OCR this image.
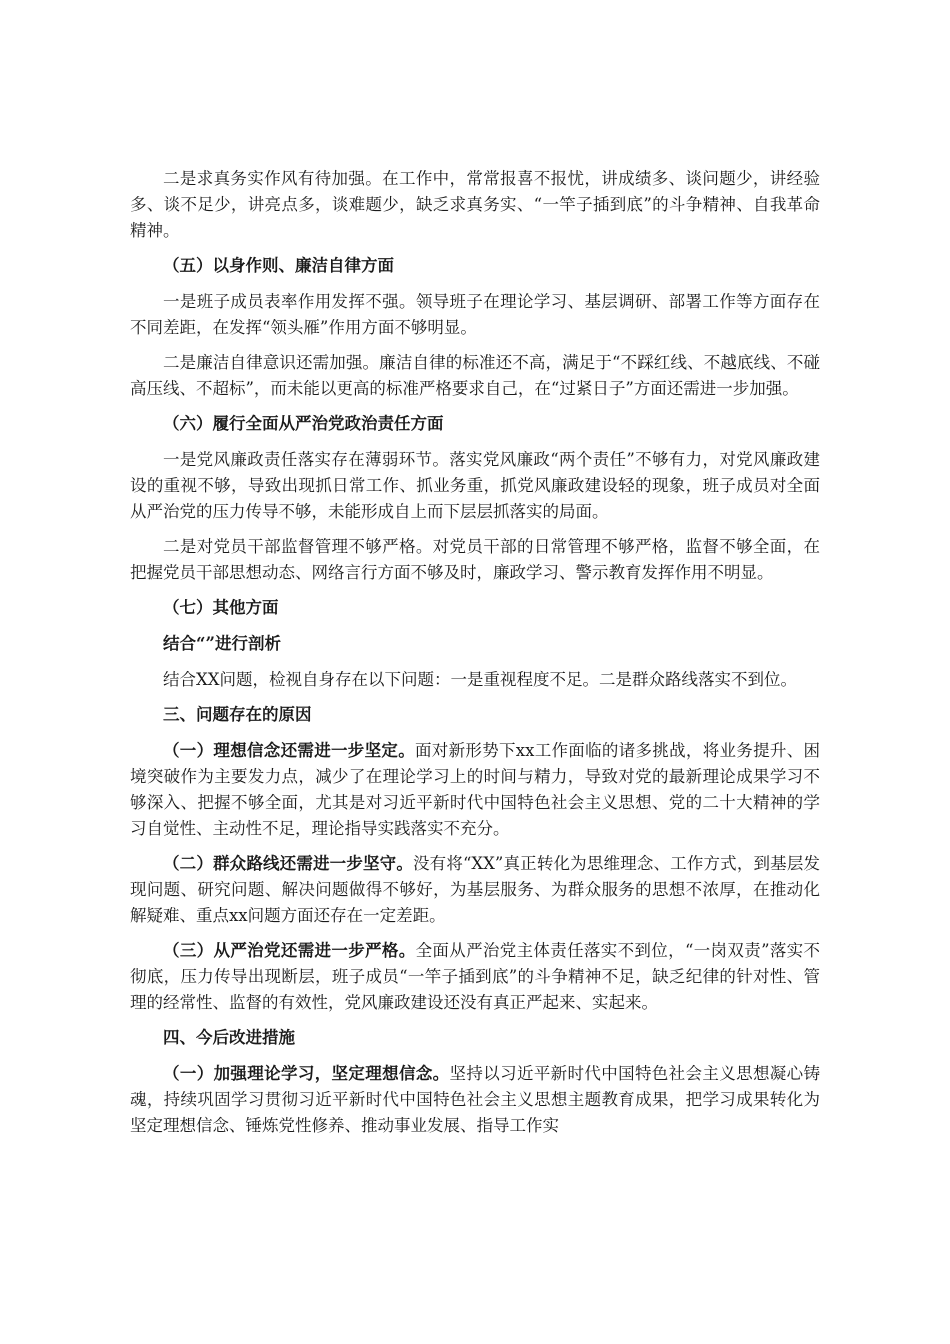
二是求真务实作风有待加强。在工作中，常常报喜不报忧，讲成绩多、谈问题少，讲经验多、谈不足少，讲亮点多，谈难题少，缺乏求真务实、“一竿子插到底”的斗争精神、自我革命精神。

（五）以身作则、廉洁自律方面

一是班子成员表率作用发挥不强。领导班子在理论学习、基层调研、部署工作等方面存在不同差距，在发挥“领头雁”作用方面不够明显。

二是廉洁自律意识还需加强。廉洁自律的标准还不高，满足于“不踩红线、不越底线、不碰高压线、不超标”，而未能以更高的标准严格要求自己，在“过紧日子”方面还需进一步加强。

（六）履行全面从严治党政治责任方面

一是党风廉政责任落实存在薄弱环节。落实党风廉政“两个责任”不够有力，对党风廉政建设的重视不够，导致出现抓日常工作、抓业务重，抓党风廉政建设轻的现象，班子成员对全面从严治党的压力传导不够，未能形成自上而下层层抓落实的局面。

二是对党员干部监督管理不够严格。对党员干部的日常管理不够严格，监督不够全面，在把握党员干部思想动态、网络言行方面不够及时，廉政学习、警示教育发挥作用不明显。

（七）其他方面

结合“”进行剖析

结合XX问题，检视自身存在以下问题：一是重视程度不足。二是群众路线落实不到位。

三、问题存在的原因

（一）理想信念还需进一步坚定。面对新形势下xx工作面临的诸多挑战，将业务提升、困境突破作为主要发力点，减少了在理论学习上的时间与精力，导致对党的最新理论成果学习不够深入、把握不够全面，尤其是对习近平新时代中国特色社会主义思想、党的二十大精神的学习自觉性、主动性不足，理论指导实践落实不充分。

（二）群众路线还需进一步坚守。没有将“XX”真正转化为思维理念、工作方式，到基层发现问题、研究问题、解决问题做得不够好，为基层服务、为群众服务的思想不浓厚，在推动化解疑难、重点xx问题方面还存在一定差距。

（三）从严治党还需进一步严格。全面从严治党主体责任落实不到位，“一岗双责”落实不彻底，压力传导出现断层，班子成员“一竿子插到底”的斗争精神不足，缺乏纪律的针对性、管理的经常性、监督的有效性，党风廉政建设还没有真正严起来、实起来。

四、今后改进措施

（一）加强理论学习，坚定理想信念。坚持以习近平新时代中国特色社会主义思想凝心铸魂，持续巩固学习贯彻习近平新时代中国特色社会主义思想主题教育成果，把学习成果转化为坚定理想信念、锤炼党性修养、推动事业发展、指导工作实
